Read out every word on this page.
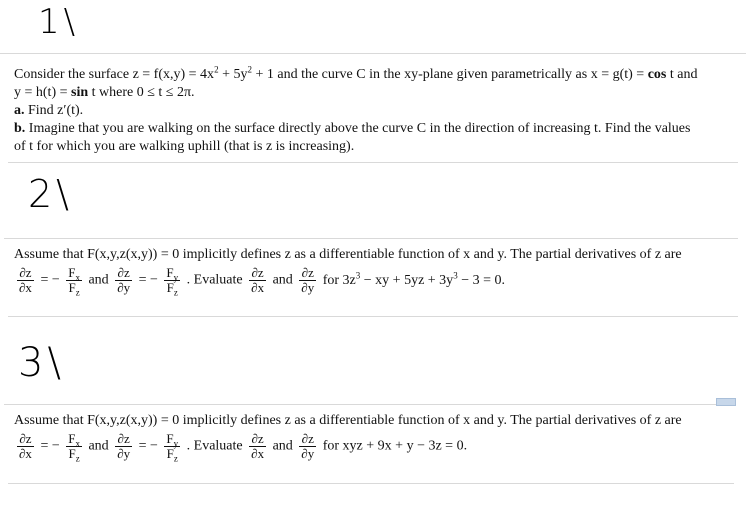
1\
Consider the surface $z = f(x,y) = 4x^2 + 5y^2 + 1$ and the curve C in the xy-plane given parametrically as x = g(t) = cos t and
y = h(t) = sin t where 0 ≤ t ≤ 2π.
a. Find z′(t).
b. Imagine that you are walking on the surface directly above the curve C in the direction of increasing t. Find the values
of t for which you are walking uphill (that is z is increasing).
2\
Assume that F(x,y,z(x,y)) = 0 implicitly defines z as a differentiable function of x and y. The partial derivatives of z are
$\frac{\partial z}{\partial x}$ = − $\frac{F_x}{F_z}$ and $\frac{\partial z}{\partial y}$ = − $\frac{F_y}{F_z}$ . Evaluate $\frac{\partial z}{\partial x}$ and $\frac{\partial z}{\partial y}$ for $3z^3$ − xy + $5yz + 3y^3 - 3 = 0$.
3\
Assume that F(x,y,z(x,y)) = 0 implicitly defines z as a differentiable function of x and y. The partial derivatives of z are
$\frac{\partial z}{\partial x}$ = − $\frac{F_x}{F_z}$ and $\frac{\partial z}{\partial y}$ = − $\frac{F_y}{F_z}$ . Evaluate $\frac{\partial z}{\partial x}$ and $\frac{\partial z}{\partial y}$ for xyz + 9x + y − 3z = 0.
